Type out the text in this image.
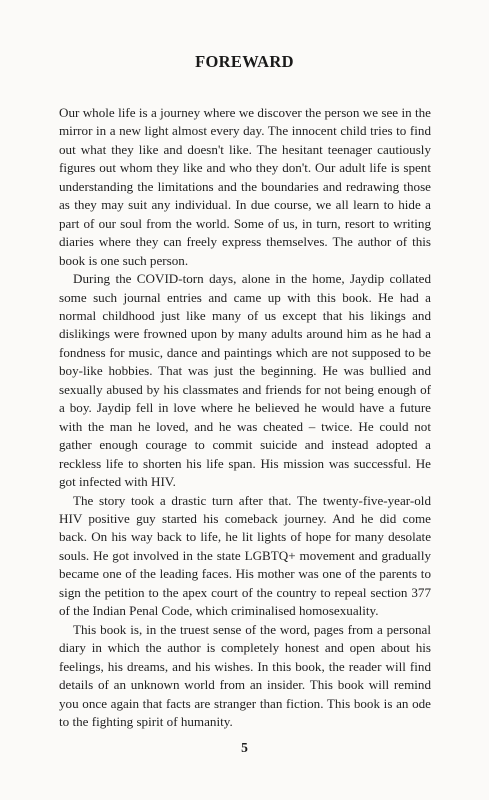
FOREWARD

Our whole life is a journey where we discover the person we see in the mirror in a new light almost every day. The innocent child tries to find out what they like and doesn't like. The hesitant teenager cautiously figures out whom they like and who they don't. Our adult life is spent understanding the limitations and the boundaries and redrawing those as they may suit any individual. In due course, we all learn to hide a part of our soul from the world. Some of us, in turn, resort to writing diaries where they can freely express themselves. The author of this book is one such person.

During the COVID-torn days, alone in the home, Jaydip collated some such journal entries and came up with this book. He had a normal childhood just like many of us except that his likings and dislikings were frowned upon by many adults around him as he had a fondness for music, dance and paintings which are not supposed to be boy-like hobbies. That was just the beginning. He was bullied and sexually abused by his classmates and friends for not being enough of a boy. Jaydip fell in love where he believed he would have a future with the man he loved, and he was cheated – twice. He could not gather enough courage to commit suicide and instead adopted a reckless life to shorten his life span. His mission was successful. He got infected with HIV.

The story took a drastic turn after that. The twenty-five-year-old HIV positive guy started his comeback journey. And he did come back. On his way back to life, he lit lights of hope for many desolate souls. He got involved in the state LGBTQ+ movement and gradually became one of the leading faces. His mother was one of the parents to sign the petition to the apex court of the country to repeal section 377 of the Indian Penal Code, which criminalised homosexuality.

This book is, in the truest sense of the word, pages from a personal diary in which the author is completely honest and open about his feelings, his dreams, and his wishes. In this book, the reader will find details of an unknown world from an insider. This book will remind you once again that facts are stranger than fiction. This book is an ode to the fighting spirit of humanity.

5
